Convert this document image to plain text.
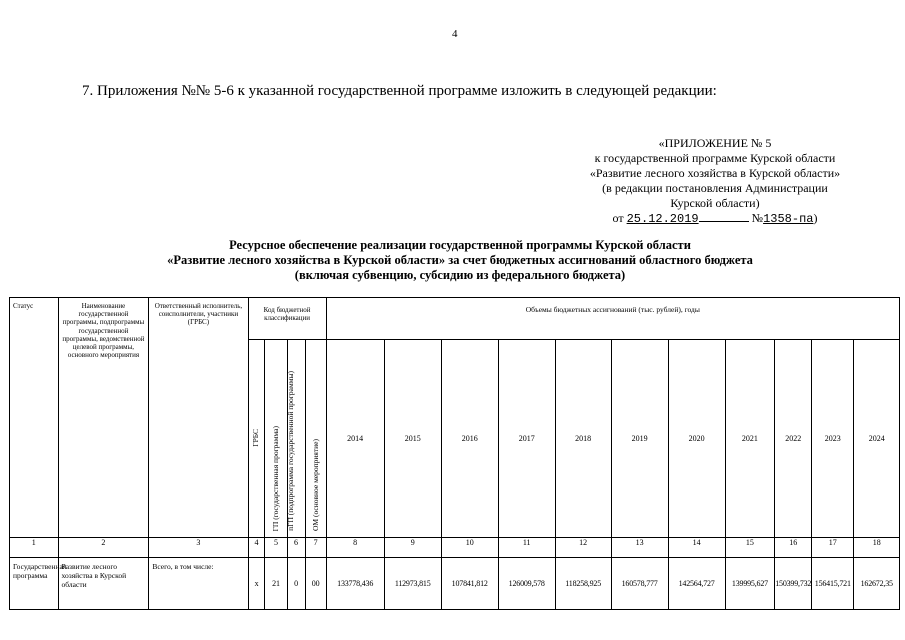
4
7. Приложения №№ 5-6 к указанной государственной программе изложить в следующей редакции:
«ПРИЛОЖЕНИЕ № 5
к государственной программе Курской области
«Развитие лесного хозяйства в Курской области»
(в редакции постановления Администрации
Курской области)
от 25.12.2019	№1358-па)
Ресурсное обеспечение реализации государственной программы Курской области
«Развитие лесного хозяйства в Курской области» за счет бюджетных ассигнований областного бюджета
(включая субвенцию, субсидию из федерального бюджета)
Статус	Наименование государственной программы, подпрограммы государственной программы, ведомственной целевой программы, основного мероприятия	Ответственный исполнитель, соисполнители, участники (ГРБС)	Код бюджетной классификации				Объемы бюджетных ассигнований (тыс. рублей), годы										

			ГРБС	ГП (государственная программа)	пГП (подпрограмма государственной программы)	ОМ (основное мероприятие)	2014	2015	2016	2017	2018	2019	2020	2021	2022	2023	2024
1	2	3	4	5	6	7	8	9	10	11	12	13	14	15	16	17	18

Государственная программа	Развитие лесного хозяйства в Курской области	Всего, в том числе:	х	21	0	00	133778,436	112973,815	107841,812	126009,578	118258,925	160578,777	142564,727	139995,627	150399,732	156415,721	162672,35
